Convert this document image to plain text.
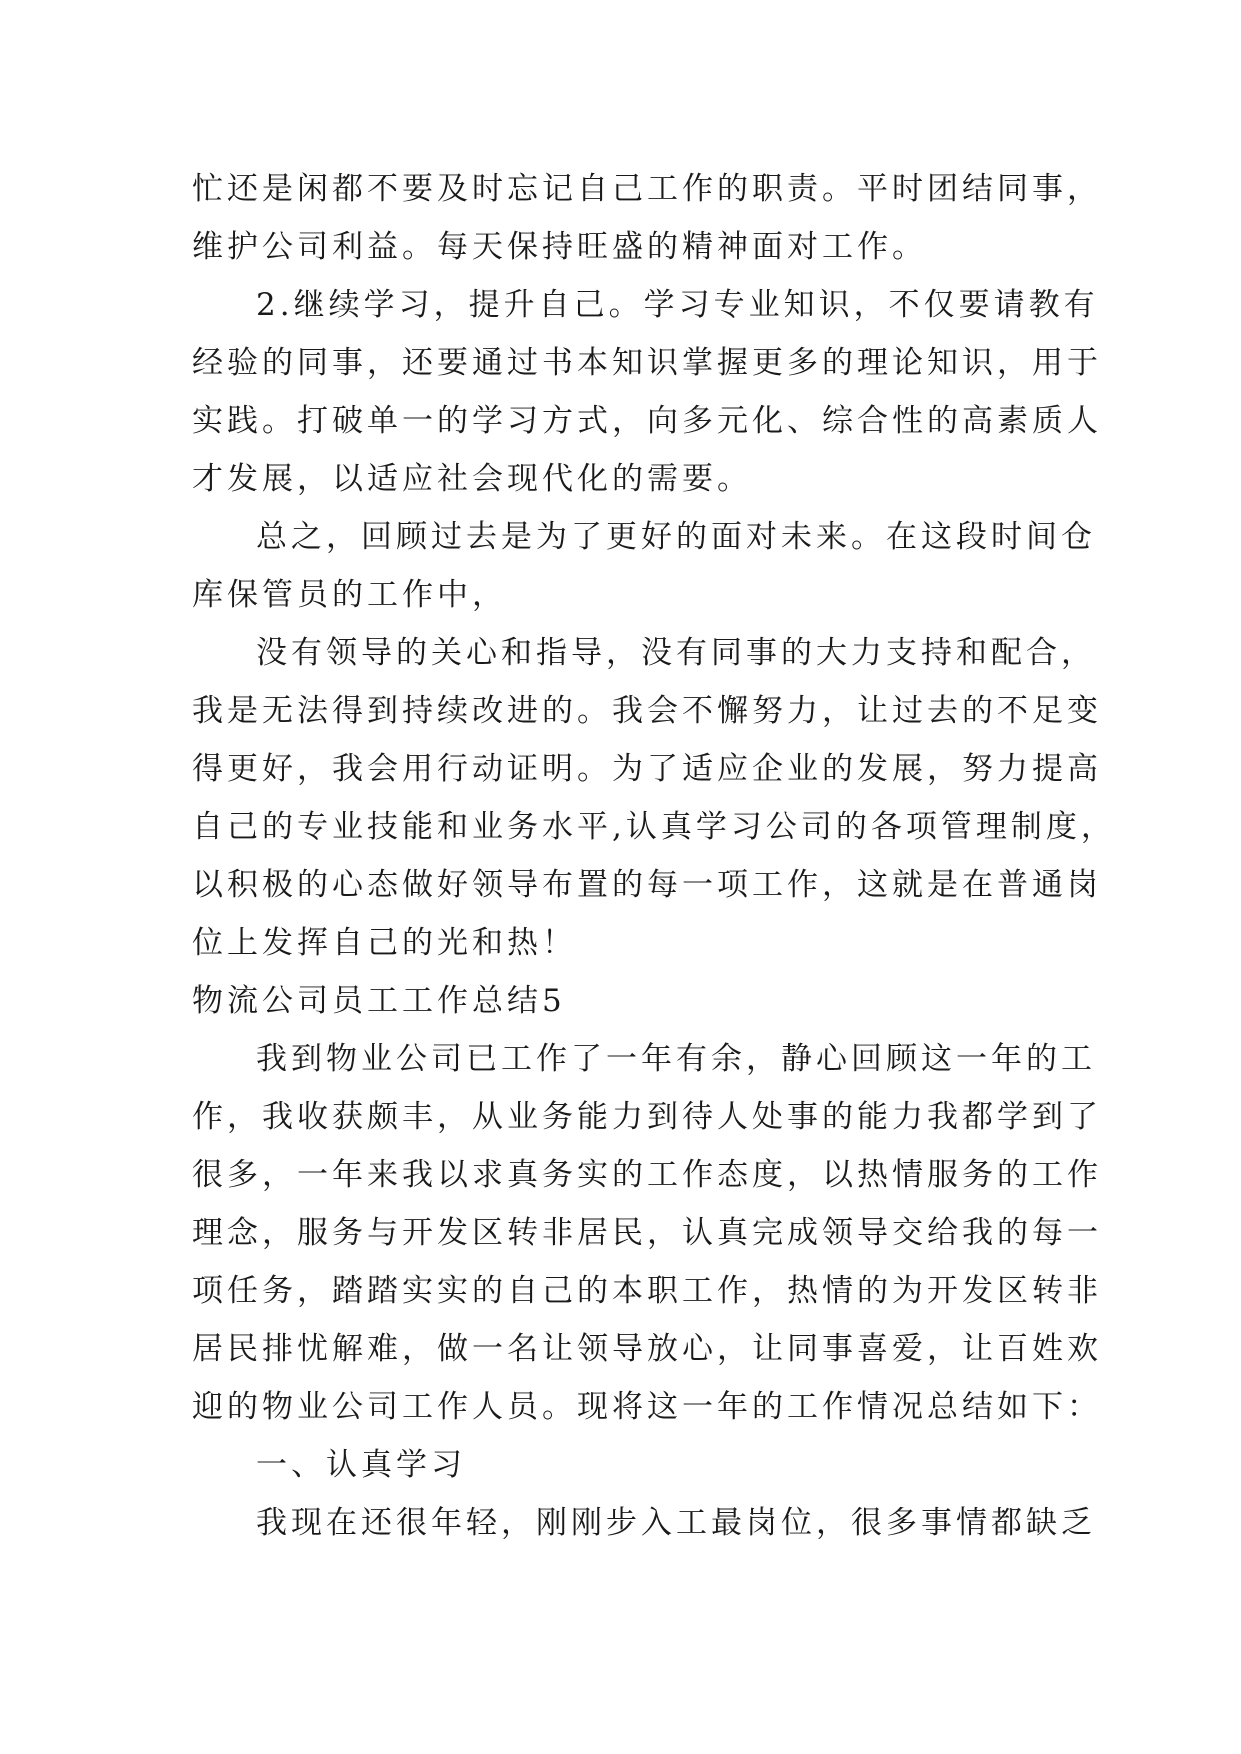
忙还是闲都不要及时忘记自己工作的职责。平时团结同事，
维护公司利益。每天保持旺盛的精神面对工作。
2.继续学习，提升自己。学习专业知识，不仅要请教有
经验的同事，还要通过书本知识掌握更多的理论知识，用于
实践。打破单一的学习方式，向多元化、综合性的高素质人
才发展，以适应社会现代化的需要。
总之，回顾过去是为了更好的面对未来。在这段时间仓
库保管员的工作中，
没有领导的关心和指导，没有同事的大力支持和配合，
我是无法得到持续改进的。我会不懈努力，让过去的不足变
得更好，我会用行动证明。为了适应企业的发展，努力提高
自己的专业技能和业务水平,认真学习公司的各项管理制度，
以积极的心态做好领导布置的每一项工作，这就是在普通岗
位上发挥自己的光和热！
物流公司员工工作总结5
我到物业公司已工作了一年有余，静心回顾这一年的工
作，我收获颇丰，从业务能力到待人处事的能力我都学到了
很多，一年来我以求真务实的工作态度，以热情服务的工作
理念，服务与开发区转非居民，认真完成领导交给我的每一
项任务，踏踏实实的自己的本职工作，热情的为开发区转非
居民排忧解难，做一名让领导放心，让同事喜爱，让百姓欢
迎的物业公司工作人员。现将这一年的工作情况总结如下：
一、认真学习
我现在还很年轻，刚刚步入工最岗位，很多事情都缺乏
